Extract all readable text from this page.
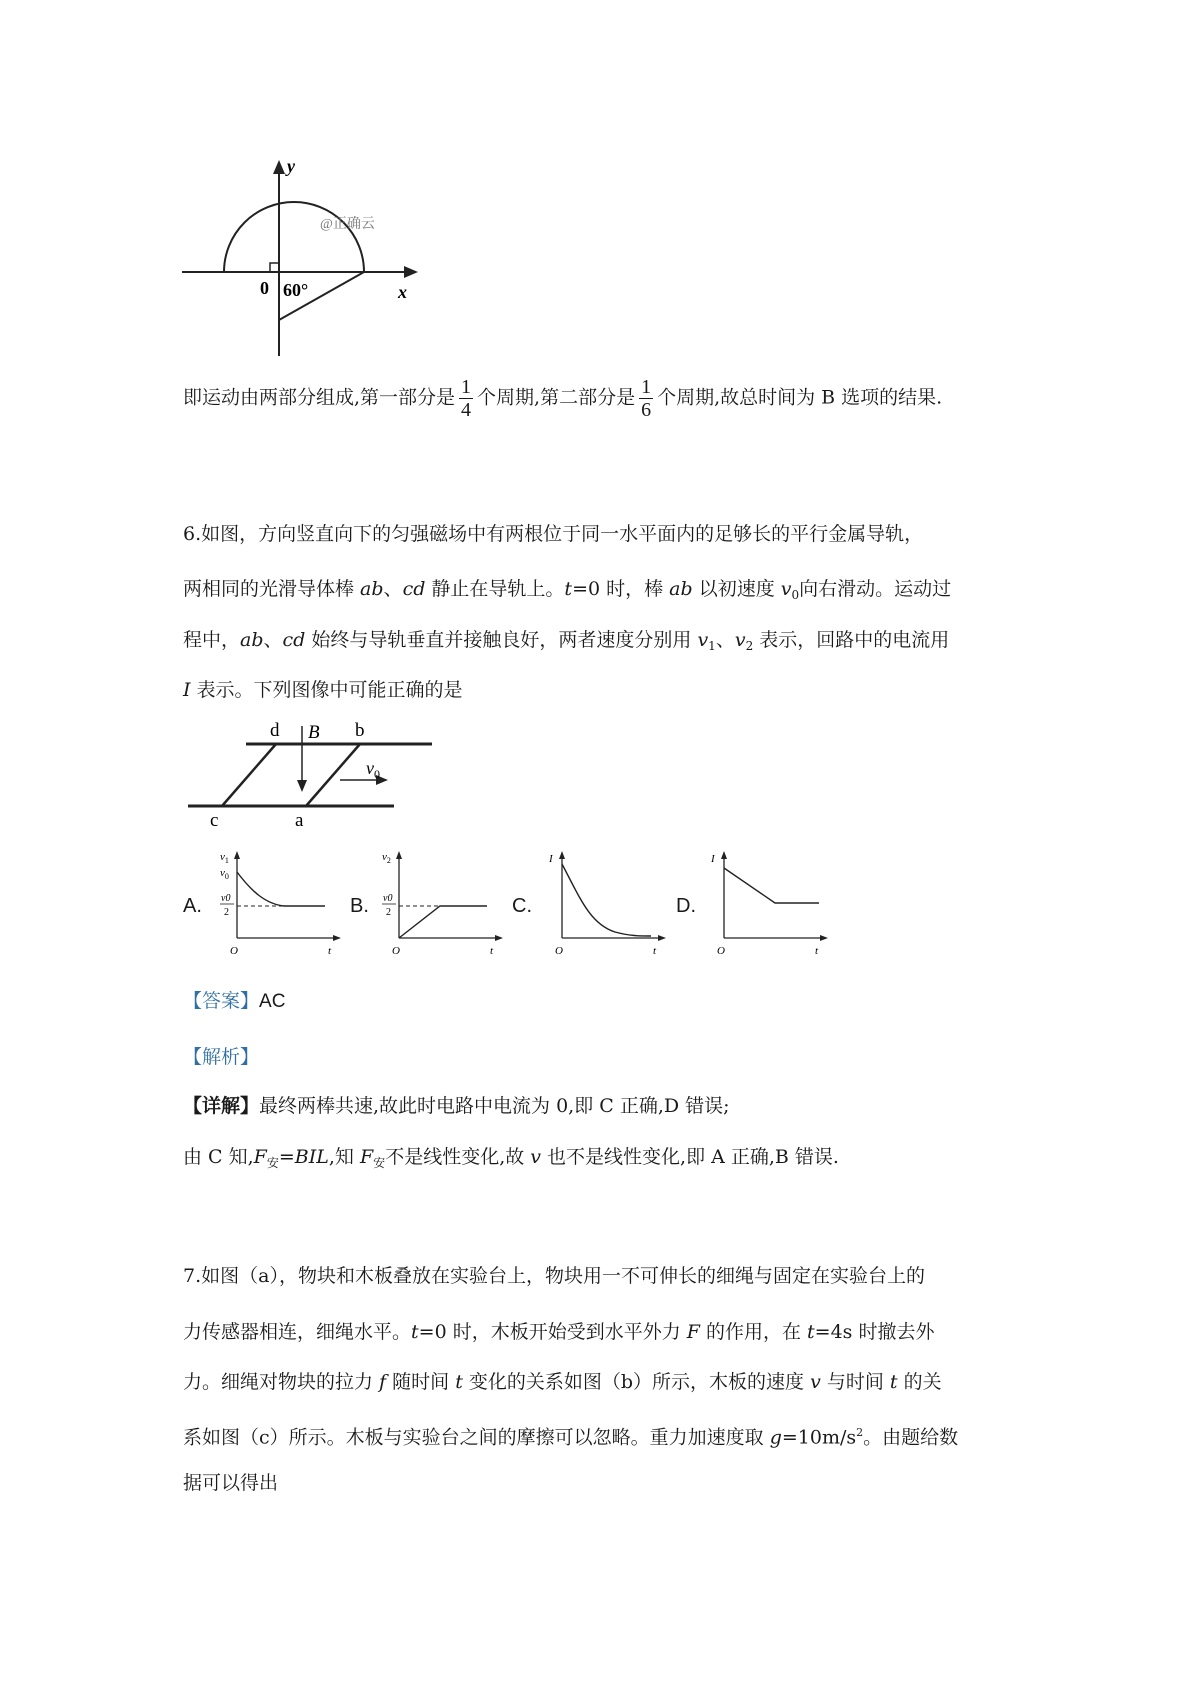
y
x
0 60°
@正确云
即运动由两部分组成,第一部分是 $\frac{1}{4}$ 个周期,第二部分是 $\frac{1}{6}$ 个周期,故总时间为 B 选项的结果.
6.如图，方向竖直向下的匀强磁场中有两根位于同一水平面内的足够长的平行金属导轨，
两相同的光滑导体棒 ab、cd 静止在导轨上。t=0 时，棒 ab 以初速度 $v_0$向右滑动。运动过
程中，ab、cd 始终与导轨垂直并接触良好，两者速度分别用 $v_1$、$v_2$ 表示，回路中的电流用
I 表示。下列图像中可能正确的是
d B b
$v_0$
c	a
A.
$v_1$
$v_0$
v0
2
O	t
B.
$v_2$
v0
2
O	t
C.
I
O	t
D.
I
O	t
【答案】AC
【解析】
【详解】最终两棒共速,故此时电路中电流为 0,即 C 正确,D 错误;
由 C 知$,F_安=BIL$,知 $F_安$不是线性变化,故 v 也不是线性变化,即 A 正确,B 错误.
7.如图（a），物块和木板叠放在实验台上，物块用一不可伸长的细绳与固定在实验台上的
力传感器相连，细绳水平。t=0 时，木板开始受到水平外力 F 的作用，在 t=4s 时撤去外
力。细绳对物块的拉力 f 随时间 t 变化的关系如图（b）所示，木板的速度 v 与时间 t 的关
系如图（c）所示。木板与实验台之间的摩擦可以忽略。重力加速度取 $g=10m/s^2$。由题给数
据可以得出
